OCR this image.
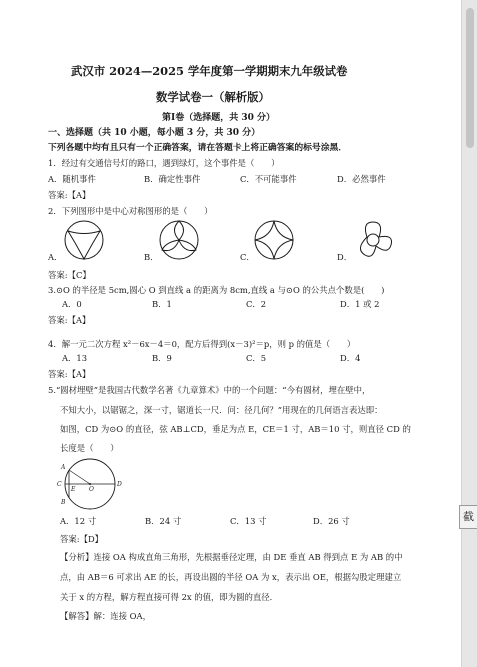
武汉市 2024—2025 学年度第一学期期末九年级试卷
数学试卷一（解析版）
第Ⅰ卷（选择题，共 30 分）
一、选择题（共 10 小题，每小题 3 分，共 30 分）
下列各题中均有且只有一个正确答案，请在答题卡上将正确答案的标号涂黑．
1．经过有交通信号灯的路口，遇到绿灯，这个事件是（　　）
A．随机事件	B．确定性事件	C．不可能事件	D．必然事件
答案:【A】
2．下列图形中是中心对称图形的是（　　）
A．	B．	C．	D．
答案:【C】
3.⊙O 的半径是 5cm,圆心 O 到直线 a 的距离为 8cm,直线 a 与⊙O 的公共点个数是(　　)
A．0	B．1	C．2	D．1 或 2
答案:【A】
4．解一元二次方程 x²－6x－4＝0，配方后得到(x－3)²＝p，则 p 的值是（　　）
A．13	B．9	C．5	D．4
答案:【A】
5.“圆材埋壁”是我国古代数学名著《九章算术》中的一个问题：“今有圆材，埋在壁中，
不知大小，以锯锯之，深一寸，锯道长一尺．问：径几何？”用现在的几何语言表达即：
如图，CD 为⊙O 的直径，弦 AB⊥CD，垂足为点 E，CE＝1 寸，AB＝10 寸，则直径 CD 的
长度是（　　）
A
B
C	D
E O
A．12 寸	B．24 寸	C．13 寸	D．26 寸
答案:【D】
【分析】连接 OA 构成直角三角形，先根据垂径定理，由 DE 垂直 AB 得到点 E 为 AB 的中
点，由 AB＝6 可求出 AE 的长，再设出圆的半径 OA 为 x，表示出 OE，根据勾股定理建立
关于 x 的方程，解方程直接可得 2x 的值，即为圆的直径．
【解答】解：连接 OA，
截
